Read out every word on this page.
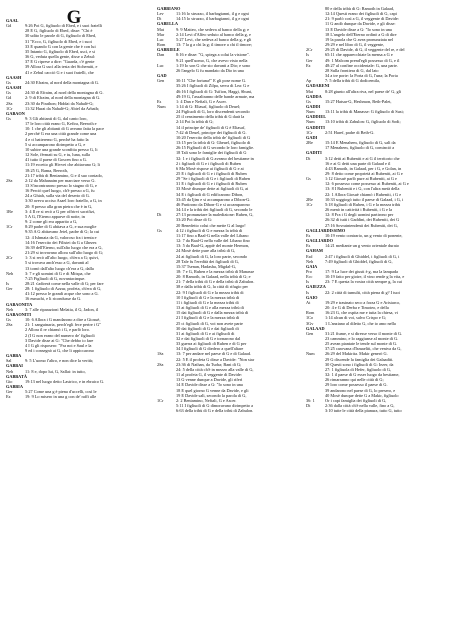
G
GAAL
Gd	9:26 Poi G, figliuolo di Ebed, e i suoi fratelli
28 E G, figliuolo di Ebed, disse: "Chi è
30 udito le parole di G, figliuolo di Ebed,
31 "Ecco, G, figliuolo di Ebed, e i suoi
33 E quando G con la gente che è con lui
35 Intanto G, figliuolo di Ebed, uscì, e si
36 G, veduta quella gente, disse a Zebul:
37 E G riprese a dire: "Guarda, c'è gente
39 Allora G uscì alla testa dei Sichemiti, e
41 e Zebul cacciò G e i suoi fratelli, che
GAASH
Gs	24:30 Efraim, al nord della montagna di G.
GAASH
Gs	24:30 di Efraim, al nord della montagna di G.
Gd	2: 9 di Efraim, al nord della montagna di G.
2Sa	23:30 da Pirathon; Hiddai da Nahalè-G;
1Cr	11:32 Hurai da Nahalè-G; Abiel da Arbath;
GABAON
Gs	9: 3 Gli abitanti di G, dal canto loro,
17 le loro città erano G, Kefira, Beeroth e
10: 1 che gli abitanti di G aveano fatta la pace
2 perché G era una città grande come una
4 e ci batteremo G, perché ha fatto la
5 si accamparono dirimpetto a G, e
10 subire una grande sconfitta presso G, li
12 Sole, fèrmati su G, e tu, luna, sulla
41 tutto il paese di Goscen fino a G.
11:19 eccetto gli Hivvei che abitavano G; li
18:25 G, Rama, Beeroth,
21:17 tribù di Beniamino, G e il suo contado,
2Sa	2:12 da Mahanaim per marciare verso G.
13 S'incontrarono presso lo stagno di G, e
16 Perciò quel luogo, ch'è presso a G, fu
24 a Ghiah, sulla via del deserto di G.
3:30 aveva ucciso Asael loro fratello, a G, in
20: 8 presso alla gran pietra che è in G,
1Re	3: 4 Il re si recò a G per offrirvi sacrifizi,
5 A G, l'Eterno apparve di notte, in
9: 2 come gli era apparito a G,
1Cr	8:29 padre di G abitava a G, e sua moglie
9:35 A G abitavano Jeiel, padre di G; la cui
12: 4 Ishmaia da G, valoroso fra i trenta e
14:16 l'esercito dei Filistei da G a Ghezer.
16:39 dell'Eterno, sull'alto luogo che era a G,
21:29 si trovavano allora sull'alto luogo di G;
2Cr	1: 3 si recò all'alto luogo, ch'era a G; quivi,
5 si trovava anch'esso a G, davanti al
13 tornò dall'alto luogo ch'era a G, dalla
Neh	3: 7 e gli uomini di G e di Mitspa, che
7:25 Figliuoli di G, novantacinque.
Is	28:21 s'adirerà come nella valle di G; per fare
Ger	28: 1 figliuolo di Azzur, profeta, ch'era di G,
41:12 presso le grandi acque che sono a G.
16 eunuchi, e li ricondusse da G.
GABAONITA
Neh	3: 7 alle riparazioni Melatia, il G, Jadon, il
GABAONITI
Gs	10: 6 Allora i G mandarono a dire a Giosuè,
2Sa	21: 1 sanguinaria, perch'egli fece perire i G"
2 Allora il re chiamò i G, e parlò loro.
2 (I G non erano del numero de' figliuoli
3 Davide disse ai G: "Che debbo io fare
4 I G gli risposero: "Fra noi e Saul e la
9 ed i consegnò ai G, che li appiccarono
GABBA
Sal	9: 5 L'uomo f'altro, e non dice la verità;
GABBAI
Neh	11: 8 e, dopo lui, G, Sallai: in tutto,
GABBATÀ
Gio	19:13 nel luogo detto Lastrico, e in ebraico G.
GABBIA
Ger	5:27 Come una g è piena d'uccelli, così le
Ez	19: 9 Lo misero in una g con de' raffi alle
GABBIANO
Lev	11:16 lo struzzo, il barbagianni, il g e ogni
Dt	14:15 lo struzzo, il barbagianni, il g e ogni
GABELLA
Mat	9: 9 Matteo, che sedeva al banco della g; e
Mar	2:14 Levi d'Alfeo seduto al banco della g, e
Luc	5:27 Levi, che sedeva al banco della g, e gli
Rom 13: 7 la g a chi la g; il timore a chi il timore;
GABRIELE
Dan	8:16 e disse: "G, spiega a colui la visione".
9:21 quell'uomo, G, che avevo visto nella
Luc	1:19 Io son G che sto davanti a Dio; e sono
26 l'angelo G fu mandato da Dio in una
GAD
Gen	30:11 "Che fortuna!" E gli pose nome G.
35:26 I figliuoli di Zilpa, serva di Lea: G e
46:16 I figliuoli di G: Tsifion, Haggi, Shuni,
49:19 G, l'assaliranno delle bande armate, ma
Es	1: 4 Dan e Neftali, G e Ascer.
Num 1:14 di G: Eliasaf, figliuolo di Deuel;
24 Figliuoli di G, loro discendenti secondo
25 il censimento della tribù di G darà la
2:14 Poi la tribù di G;
14 il principe de' figliuoli di G è Eliasaf,
7:42 di Deuel, principe dei figliuoli di G.
10:20 l'esercito della tribù de' figliuoli di G
13:15 per la tribù di G: Gheuel, figliuolo di
26:15 Figliuoli di G secondo le loro famiglie.
18 Tali sono le famiglie dei figliuoli di G
32: 1 e i figliuoli di G aveano del bestiame in
2 i figliuoli di G e i figliuoli di Ruben
6 Ma Mosè rispose ai figliuoli di G e ai
25 E i figliuoli di G e i figliuoli di Ruben
29 "Se i figliuoli di G e i figliuoli di Ruben
31 E i figliuoli di G e i figliuoli di Ruben
33 Mosè diunque dette ai figliuoli di G, ai
34 E i figliuoli di G edificarono Dibon,
33:45 da Ijim e si accamparono a Dibon-G.
46 Partirono da Dibon-G e si accamparono
34:14 e la tribù dei figliuoli di G, secondo le
Dt	27:13 pronunziare la maledizione: Ruben, G,
33:20 Poi disse di G:
20 Benedetto colui che mette G al largo!
Gs	4:12 i figliuoli di G e mezza la tribù di
11:17 fino a Baal-G nella valle del Libano
12: 7 da Baal-G nella valle del Libano fino
13: 5 da Baal-G, appiè del monte Hermon,
24 Mosè dette pure alla tribù di G,
24 ai figliuoli di G, la loro parte, secondo
28 Tale fu l'eredità dei figliuoli di G,
15:37 Tsenan, Hadasha, Migdal-G,
18: 7 e G, Ruben e la mezza tribù di Manasse
20: 8 Ramoth, in Galaad, nella tribù di G; e
21: 7 della tribù di G e della tribù di Zabulon.
38 e dalla tribù di G, la città di rifugio per
22: 9 I figliuoli di G e la mezza tribù di
10 I figliuoli di G e la mezza tribù di
11 i figliuoli di G e la mezza tribù di
13 ai figliuoli di G e alla mezza tribù di
15 dai figliuoli di G e dalla mezza tribù di
21 I figliuoli di G e la mezza tribù di
25 ci figliuoli di G, voi non avete parte
30 dai figliuoli di G e dai figliuoli di
31 ai figliuoli di G e ai figliuoli di
32 e dai figliuoli di G e tornarono dal
33 guerra ai figliuoli di Ruben e di G per
34 I figliuoli di G diedero a quell'altare
1Sa	13: 7 per andare nel paese di G e di Galaad.
22: 5 E il profeta G disse a Davide: "Non star
2Sa	23:36 di Nathan, da Tsoba; Bani di G;
24: 5 della città ch'è in mezzo alla valle di G,
11 al profeta G, il veggente di Davide:
13 G venne dunque a Davide, gli riferì
14 E Davide disse a G: "Io sono in una
18 E quel giorno G venne da Davide, e gli
19 E Davide salì, secondo la parola di G,
1Cr	2: 2 Beniamino, Neftali, G e Ascer.
5:11 I figliuoli di G dimoravano dirimpetto a
6:63 della tribù di G e della tribù di Zabulon.
80 e della tribù di G: Ramoth in Galaad,
12:14 Questi erano dei figliuoli di G, capi
21: 9 parlò così a G, il veggente di Davide:
11 G andò dunque da Davide, e gli disse:
13 E Davide disse a G: "Io sono in una
18 L'angelo dell'Eterno ordinò a G di dire
19 la parola che G avea pronunziata nel
29:29 e nel libro di G, il veggente,
2Cr	29:25 di Davide, di G, il veggente del re, e del
Is	65:11 che apparecchiate la mensa a G e
Ger	49: 1 Malcom prend'egli possesso di G, e il
Ez	48:27 al confine occidentale: G, una parte.
28 Sulla frontiera di G, dal lato
34 a tre porte: la Porta di G, l'una; la Porta
Ap	7: 5 della tribù di G dodicemila,
GADARENI
Mat	8:28 giunto all'altra riva, nel paese de' G, gli
GADDA
Gs	15:27 Hatsar-G, Heshmon, Beth-Palet,
GADDI
Num 13:11 la tribù di Manasse: G figliuolo di Susi;
GADDIEL
Num 13:10 tribù di Zabulon: G, figliuolo di Sodi;
GADDITI
1Cr	2:51 Haref, padre di Beth-G.
GADI
2Re	15:14 E Menahem, figliuolo di G, salì da
17 Menahem, figliuolo di G, cominciò a
GADITI
Dt	3:12 detti ai Rubeniti e ai G il territorio che
16 e ai G detti una parte di Galaad e il
4:43 Ramoth, in Galaad, per i G, e Golan, in
29: 8 detto come proprietà ai Rubeniti, ai G e
Gs	1:12 Giosuè parlò pure ai Rubeniti, ai G e
12: 6 possesso come possesso ai Rubeniti, ai G e
13: 8 I Rubeniti e i G, con l'altra metà della
22: 1 Allora Giosuè chiamò i Rubeniti, i G e
2Re	10:33 soggiogò tutto il paese di Galaad, i G, i
1Cr	5:18 figliuoli di Ruben, i G e la mezza tribù
26 menò in cattività i Rubeniti, i G e la
12: 8 Fra i G degli uomini partirono per
26:32 di tutti i Gaddini, dei Rubeniti, dei G
27:16 Sovraintendenti dei Rubeniti, dei G,
GAGLIARDISSIMO
Es	10:19 vento contrario, un g vento di ponente,
GAGLIARDO
Es	14:21 mediante un g vento orientale durato
GAHAM
Esd	2:47 i figliuoli di Ghiddel, i figliuoli di G, i
Neh	7:49 figliuoli di Ghiddel, figliuoli di G,
GAIA
Pro	17: 9 La luce dei giusti è g, ma la lampada
Ecc	10:19 fatto per gioire, il vino rende g la vita, e
Is	23: 7 E questa la vostra città sempre g, la cui
GAIEZZA
Is	22: 2 città di tumulti, città piena di g? I tuoi
GAIO
At	19:29 e trasinato seco a forza G e Aristarco,
20: 4 e G di Derba e Timoteo, e della
Rom 16:23 G, che ospita me e tutta la chiesa, vi
1Co	1:14 alcun di voi, salvo Crispo e G;
3Gv	1 L'anziano al diletto G, che io amo nella
GALAAD
Gen	31:21 fiume, e si diresse verso il monte di G.
23 cammino, e lo raggiunse al monte di G.
25 avean piantate le tende sul monte di G.
37:25 carovana d'Ismaeliti, che veniva da G,
Num 26:29 del Makirita. Makir generò G.
29 G discende la famiglia dei Galaaditi.
30 Questi sono i figliuoli di G: Iezer, da
27: 1 figliuola di Hefer, figliuolo di G,
32: 1 il paese di G esser luogo da bestiame,
26 rimarranno qui nelle città di G;
29 loro come possesso il paese di G.
39 andarono nel paese di G, lo presero, e
40 Mosè dunque dette G a Makir, figliuolo
36: 1 Or i capi famiglia dei figliuoli di G,
Dt	2:36 dalla città ch'è nella valle, fino a G,
3:10 tutte le città della pianura, tutto G, tutto
